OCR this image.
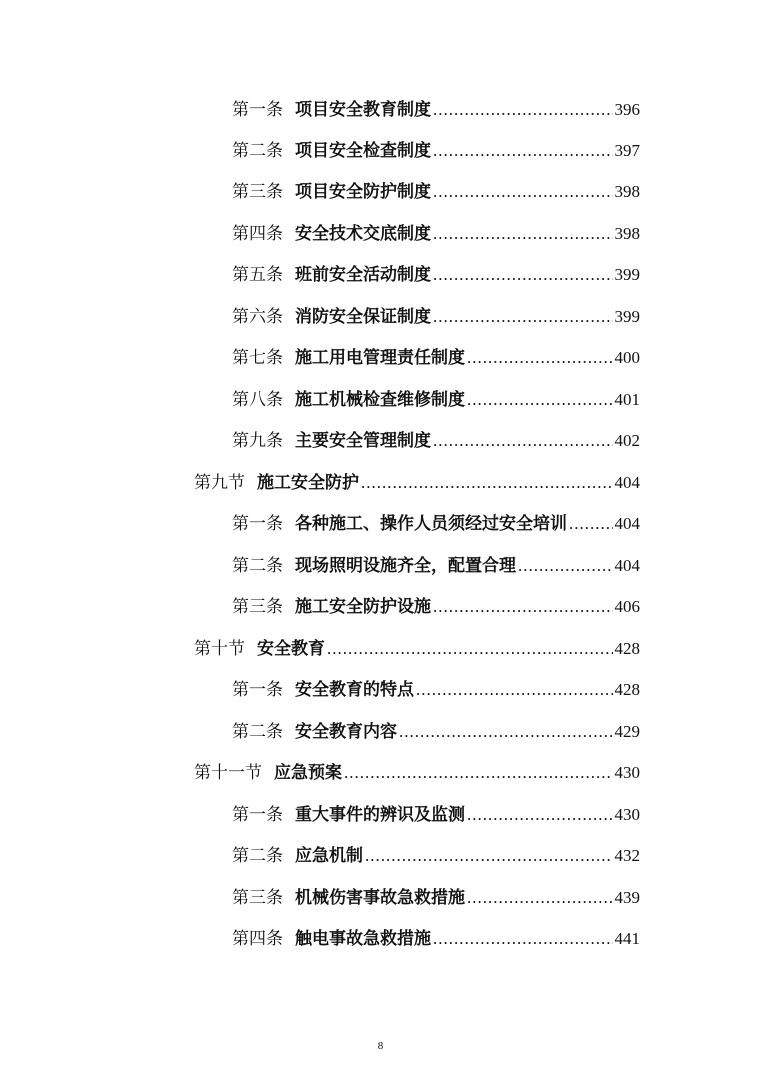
第一条 项目安全教育制度 .....	396
第二条 项目安全检查制度 .....	397
第三条 项目安全防护制度 .....	398
第四条 安全技术交底制度 .....	398
第五条 班前安全活动制度 .....	399
第六条 消防安全保证制度 .....	399
第七条 施工用电管理责任制度 .....	400
第八条 施工机械检查维修制度 .....	401
第九条 主要安全管理制度 .....	402
第九节 施工安全防护 .....	404
第一条 各种施工、操作人员须经过安全培训 .....	404
第二条 现场照明设施齐全，配置合理 .....	404
第三条 施工安全防护设施 .....	406
第十节 安全教育 .....	428
第一条 安全教育的特点 .....	428
第二条 安全教育内容 .....	429
第十一节 应急预案 .....	430
第一条 重大事件的辨识及监测 .....	430
第二条 应急机制 .....	432
第三条 机械伤害事故急救措施 .....	439
第四条 触电事故急救措施 .....	441
8
